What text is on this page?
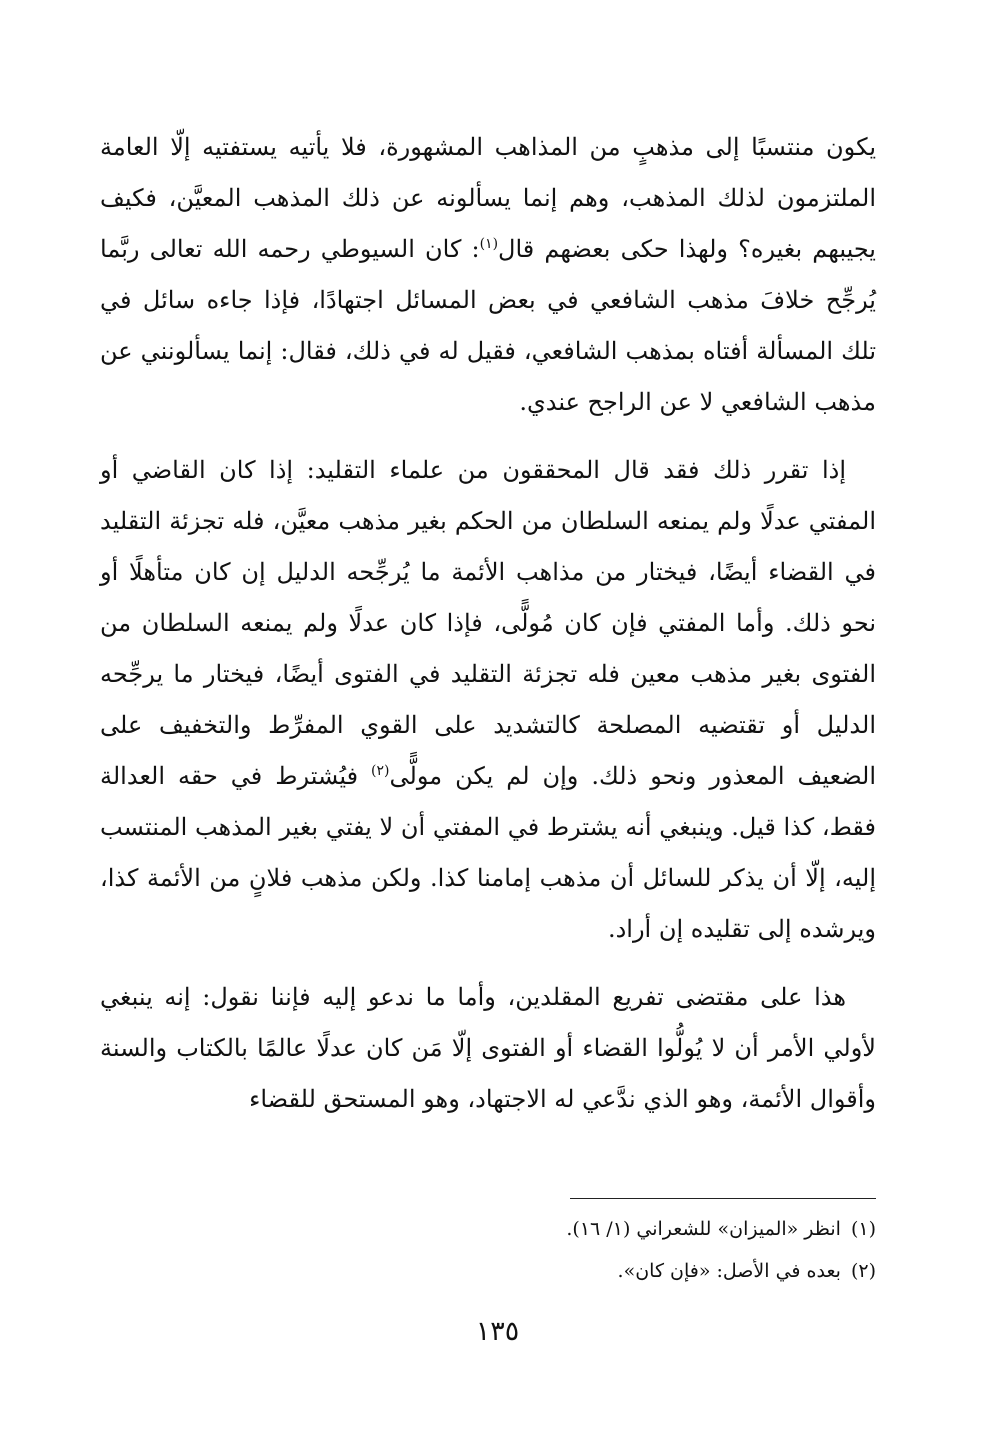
يكون منتسبًا إلى مذهبٍ من المذاهب المشهورة، فلا يأتيه يستفتيه إلّا العامة الملتزمون لذلك المذهب، وهم إنما يسألونه عن ذلك المذهب المعيَّن، فكيف يجيبهم بغيره؟ ولهذا حكى بعضهم قال$^{(١)}$: كان السيوطي رحمه الله تعالى ربَّما يُرجِّح خلافَ مذهب الشافعي في بعض المسائل اجتهادًا، فإذا جاءه سائل في تلك المسألة أفتاه بمذهب الشافعي، فقيل له في ذلك، فقال: إنما يسألونني عن مذهب الشافعي لا عن الراجح عندي.

إذا تقرر ذلك فقد قال المحققون من علماء التقليد: إذا كان القاضي أو المفتي عدلًا ولم يمنعه السلطان من الحكم بغير مذهب معيَّن، فله تجزئة التقليد في القضاء أيضًا، فيختار من مذاهب الأئمة ما يُرجِّحه الدليل إن كان متأهلًا أو نحو ذلك. وأما المفتي فإن كان مُولًّى، فإذا كان عدلًا ولم يمنعه السلطان من الفتوى بغير مذهب معين فله تجزئة التقليد في الفتوى أيضًا، فيختار ما يرجِّحه الدليل أو تقتضيه المصلحة كالتشديد على القوي المفرِّط والتخفيف على الضعيف المعذور ونحو ذلك. وإن لم يكن مولًّى$^{(٢)}$ فيُشترط في حقه العدالة فقط، كذا قيل. وينبغي أنه يشترط في المفتي أن لا يفتي بغير المذهب المنتسب إليه، إلّا أن يذكر للسائل أن مذهب إمامنا كذا. ولكن مذهب فلانٍ من الأئمة كذا، ويرشده إلى تقليده إن أراد.

هذا على مقتضى تفريع المقلدين، وأما ما ندعو إليه فإننا نقول: إنه ينبغي لأولي الأمر أن لا يُولُّوا القضاء أو الفتوى إلّا مَن كان عدلًا عالمًا بالكتاب والسنة وأقوال الأئمة، وهو الذي ندَّعي له الاجتهاد، وهو المستحق للقضاء

(١)انظر «الميزان» للشعراني (١/ ١٦).
(٢)بعده في الأصل: «فإن كان».
١٣٥
